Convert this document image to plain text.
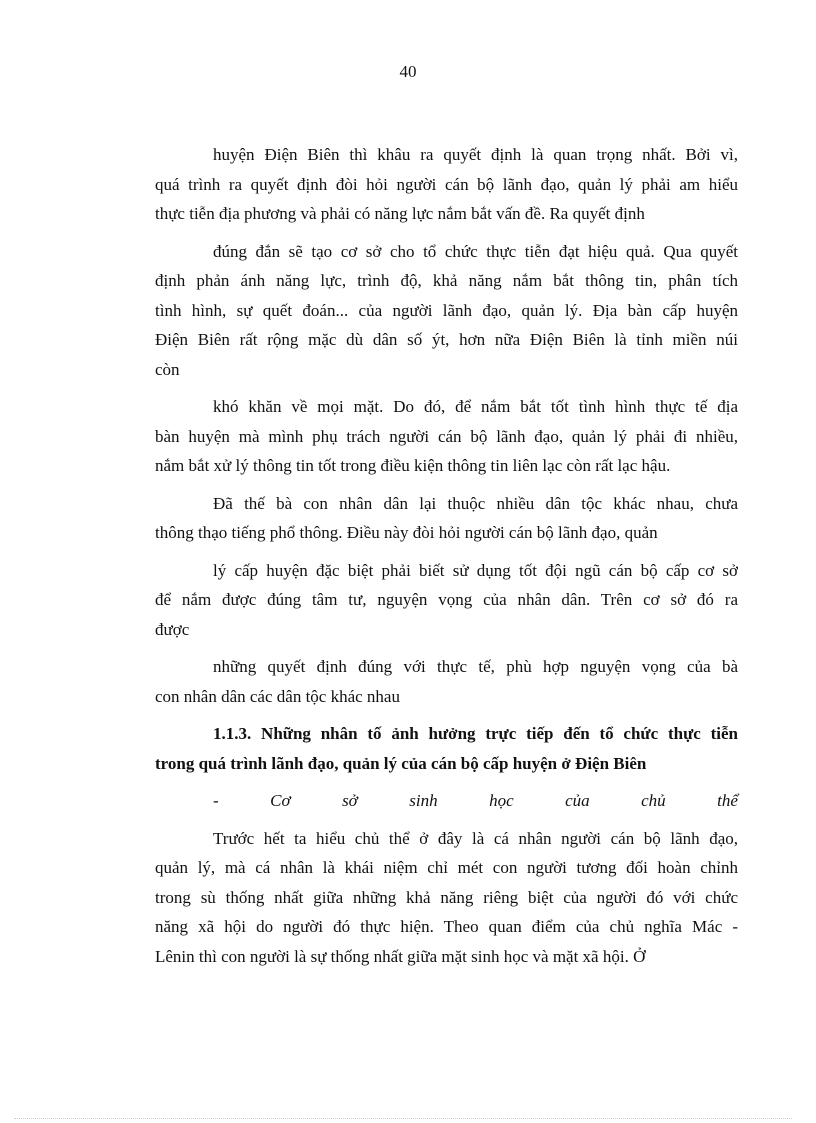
40
huyện Điện Biên thì khâu ra quyết định là quan trọng nhất. Bởi vì,
quá trình ra quyết định đòi hỏi người cán bộ lãnh đạo, quản lý phải am hiểu
thực tiễn địa phương và phải có năng lực nắm bắt vấn đề. Ra quyết định
đúng đắn sẽ tạo cơ sở cho tổ chức thực tiễn đạt hiệu quả. Qua quyết
định phản ánh năng lực, trình độ, khả năng nắm bắt thông tin, phân tích
tình hình, sự quết đoán... của người lãnh đạo, quản lý. Địa bàn cấp huyện
Điện Biên rất rộng mặc dù dân số ýt, hơn nữa Điện Biên là tỉnh miền núi
còn
khó khăn về mọi mặt. Do đó, để nắm bắt tốt tình hình thực tế địa
bàn huyện mà mình phụ trách người cán bộ lãnh đạo, quản lý phải đi nhiều,
nắm bắt xử lý thông tin tốt trong điều kiện thông tin liên lạc còn rất lạc hậu.
Đã thế bà con nhân dân lại thuộc nhiều dân tộc khác nhau, chưa
thông thạo tiếng phổ thông. Điều này đòi hỏi người cán bộ lãnh đạo, quản
lý cấp huyện đặc biệt phải biết sử dụng tốt đội ngũ cán bộ cấp cơ sở
để nắm được đúng tâm tư, nguyện vọng của nhân dân. Trên cơ sở đó ra
được
những quyết định đúng với thực tế, phù hợp nguyện vọng của bà
con nhân dân các dân tộc khác nhau
1.1.3. Những nhân tố ảnh hưởng trực tiếp đến tổ chức thực tiễn
trong quá trình lãnh đạo, quản lý của cán bộ cấp huyện ở Điện Biên
-	Cơ	sở	sinh	học	của	chủ	thể
Trước hết ta hiểu chủ thể ở đây là cá nhân người cán bộ lãnh đạo,
quản lý, mà cá nhân là khái niệm chỉ mét con người tương đối hoàn chỉnh
trong sù thống nhất giữa những khả năng riêng biệt của người đó với chức
năng xã hội do người đó thực hiện. Theo quan điểm của chủ nghĩa Mác -
Lênin thì con người là sự thống nhất giữa mặt sinh học và mặt xã hội. Ở
